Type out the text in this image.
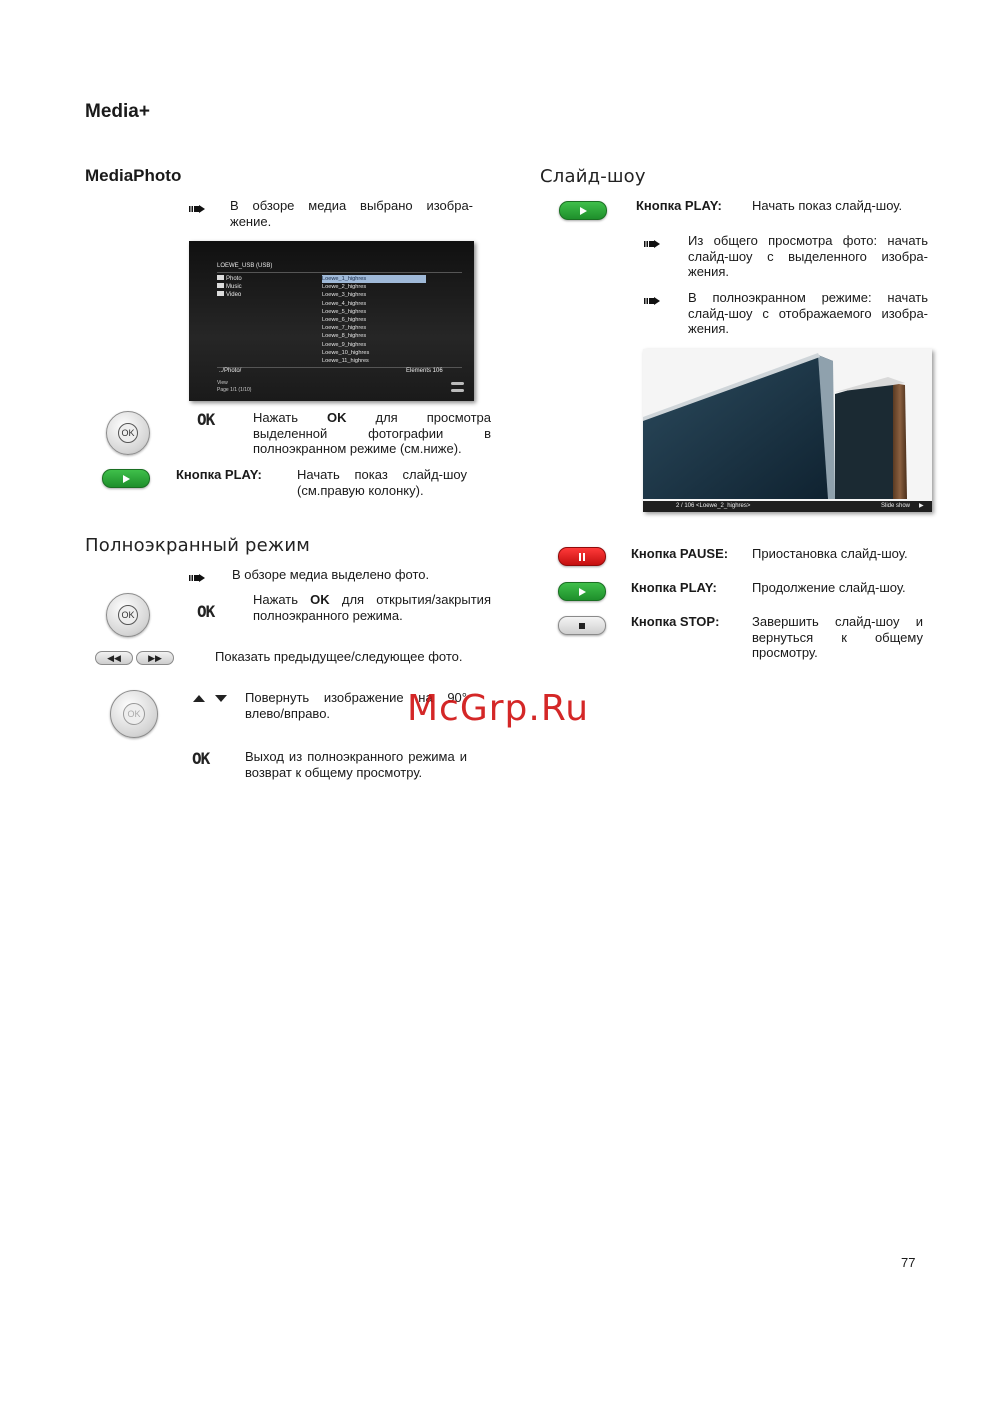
Media+
MediaPhoto
В обзоре медиа выбрано изобра-жение.
LOEWE_USB (USB)
Photo
Music
Video
Loewe_1_highres
Loewe_2_highres
Loewe_3_highres
Loewe_4_highres
Loewe_5_highres
Loewe_6_highres
Loewe_7_highres
Loewe_8_highres
Loewe_9_highres
Loewe_10_highres
Loewe_11_highres
../Photo/	Elements 106
View
Page 1/1 (1/10)
OK
OK	Нажать OK для просмотра выделенной фотографии в полноэкранном режиме (см.ниже).
Кнопка PLAY:	Начать показ слайд-шоу (см.правую колонку).
Полноэкранный режим
В обзоре медиа выделено фото.
OK	OK
Нажать OK для открытия/закрытия полноэкранного режима.
◀◀	▶▶	Показать предыдущее/следующее фото.
OK
Повернуть изображение на 90° влево/вправо.
OK	Выход из полноэкранного режима и возврат к общему просмотру.
Слайд-шоу
Кнопка PLAY: Начать показ слайд-шоу.
Из общего просмотра фото: начать слайд-шоу с выделенного изобра-жения.
В полноэкранном режиме: начать слайд-шоу с отображаемого изобра-жения.
2 / 106 <Loewe_2_highres>	Slide show ▶
Кнопка PAUSE: Приостановка слайд-шоу.
Кнопка PLAY:	Продолжение слайд-шоу.
Кнопка STOP:	Завершить слайд-шоу и вернуться к общему просмотру.
McGrp.Ru
77
